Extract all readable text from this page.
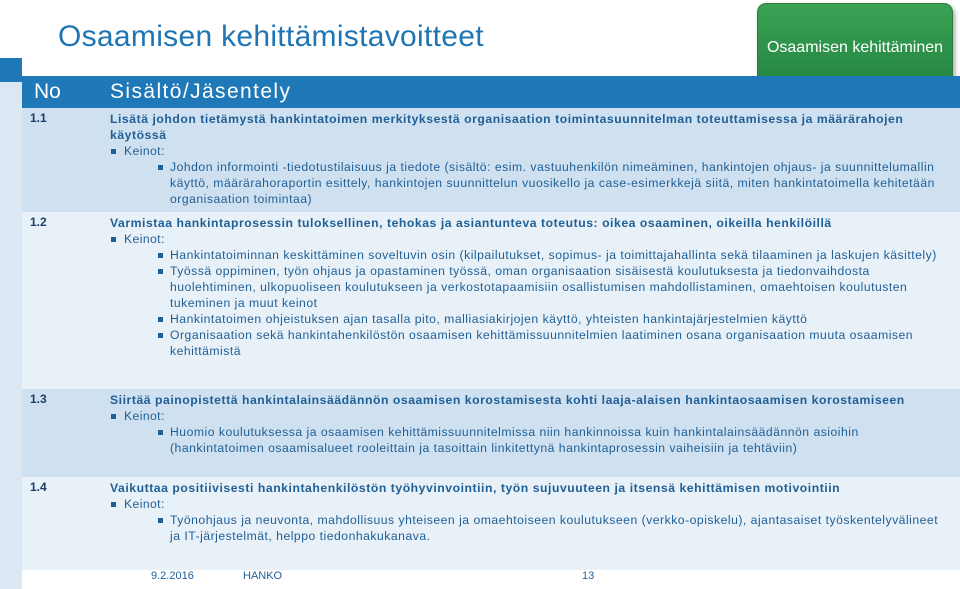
Osaamisen kehittämistavoitteet	Osaamisen kehittäminen
No Sisältö/Jäsentely
1.1	Lisätä johdon tietämystä hankintatoimen merkityksestä organisaation toimintasuunnitelman toteuttamisessa ja määrärahojen käytössä
Keinot:
Johdon informointi -tiedotustilaisuus ja tiedote (sisältö: esim. vastuuhenkilön nimeäminen, hankintojen ohjaus- ja suunnittelumallin käyttö, määrärahoraportin esittely, hankintojen suunnittelun vuosikello ja case-esimerkkejä siitä, miten hankintatoimella kehitetään organisaation toimintaa)
1.2	Varmistaa hankintaprosessin tuloksellinen, tehokas ja asiantunteva toteutus: oikea osaaminen, oikeilla henkilöillä
Keinot:
Hankintatoiminnan keskittäminen soveltuvin osin (kilpailutukset, sopimus- ja toimittajahallinta sekä tilaaminen ja laskujen käsittely)
Työssä oppiminen, työn ohjaus ja opastaminen työssä, oman organisaation sisäisestä koulutuksesta ja tiedonvaihdosta huolehtiminen, ulkopuoliseen koulutukseen ja verkostotapaamisiin osallistumisen mahdollistaminen, omaehtoisen koulutusten tukeminen ja muut keinot
Hankintatoimen ohjeistuksen ajan tasalla pito, malliasiakirjojen käyttö, yhteisten hankintajärjestelmien käyttö
Organisaation sekä hankintahenkilöstön osaamisen kehittämissuunnitelmien laatiminen osana organisaation muuta osaamisen kehittämistä
1.3	Siirtää painopistettä hankintalainsäädännön osaamisen korostamisesta kohti laaja-alaisen hankintaosaamisen korostamiseen
Keinot:
Huomio koulutuksessa ja osaamisen kehittämissuunnitelmissa niin hankinnoissa kuin hankintalainsäädännön asioihin (hankintatoimen osaamisalueet rooleittain ja tasoittain linkitettynä hankintaprosessin vaiheisiin ja tehtäviin)
1.4	Vaikuttaa positiivisesti hankintahenkilöstön työhyvinvointiin, työn sujuvuuteen ja itsensä kehittämisen motivointiin
Keinot:
Työnohjaus ja neuvonta, mahdollisuus yhteiseen ja omaehtoiseen koulutukseen (verkko-opiskelu), ajantasaiset työskentelyvälineet ja IT-järjestelmät, helppo tiedonhakukanava.
9.2.2016	HANKO	13
